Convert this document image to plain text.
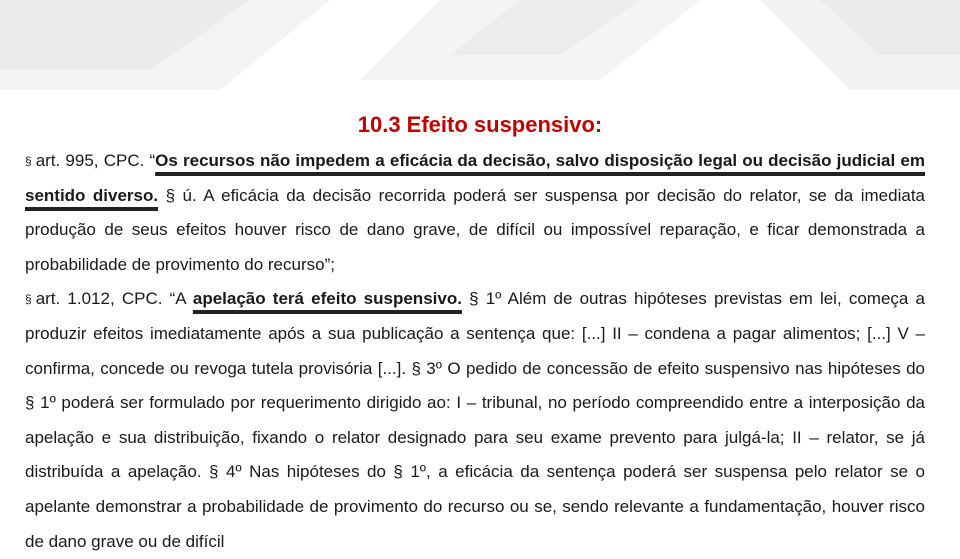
10.3 Efeito suspensivo:

§ art. 995, CPC. “Os recursos não impedem a eficácia da decisão, salvo disposição legal ou decisão judicial em sentido diverso. § ú. A eficácia da decisão recorrida poderá ser suspensa por decisão do relator, se da imediata produção de seus efeitos houver risco de dano grave, de difícil ou impossível reparação, e ficar demonstrada a probabilidade de provimento do recurso”;

§ art. 1.012, CPC. “A apelação terá efeito suspensivo. § 1º Além de outras hipóteses previstas em lei, começa a produzir efeitos imediatamente após a sua publicação a sentença que: [...] II – condena a pagar alimentos; [...] V – confirma, concede ou revoga tutela provisória [...]. § 3º O pedido de concessão de efeito suspensivo nas hipóteses do § 1º poderá ser formulado por requerimento dirigido ao: I – tribunal, no período compreendido entre a interposição da apelação e sua distribuição, fixando o relator designado para seu exame prevento para julgá-la; II – relator, se já distribuída a apelação. § 4º Nas hipóteses do § 1º, a eficácia da sentença poderá ser suspensa pelo relator se o apelante demonstrar a probabilidade de provimento do recurso ou se, sendo relevante a fundamentação, houver risco de dano grave ou de difícil
